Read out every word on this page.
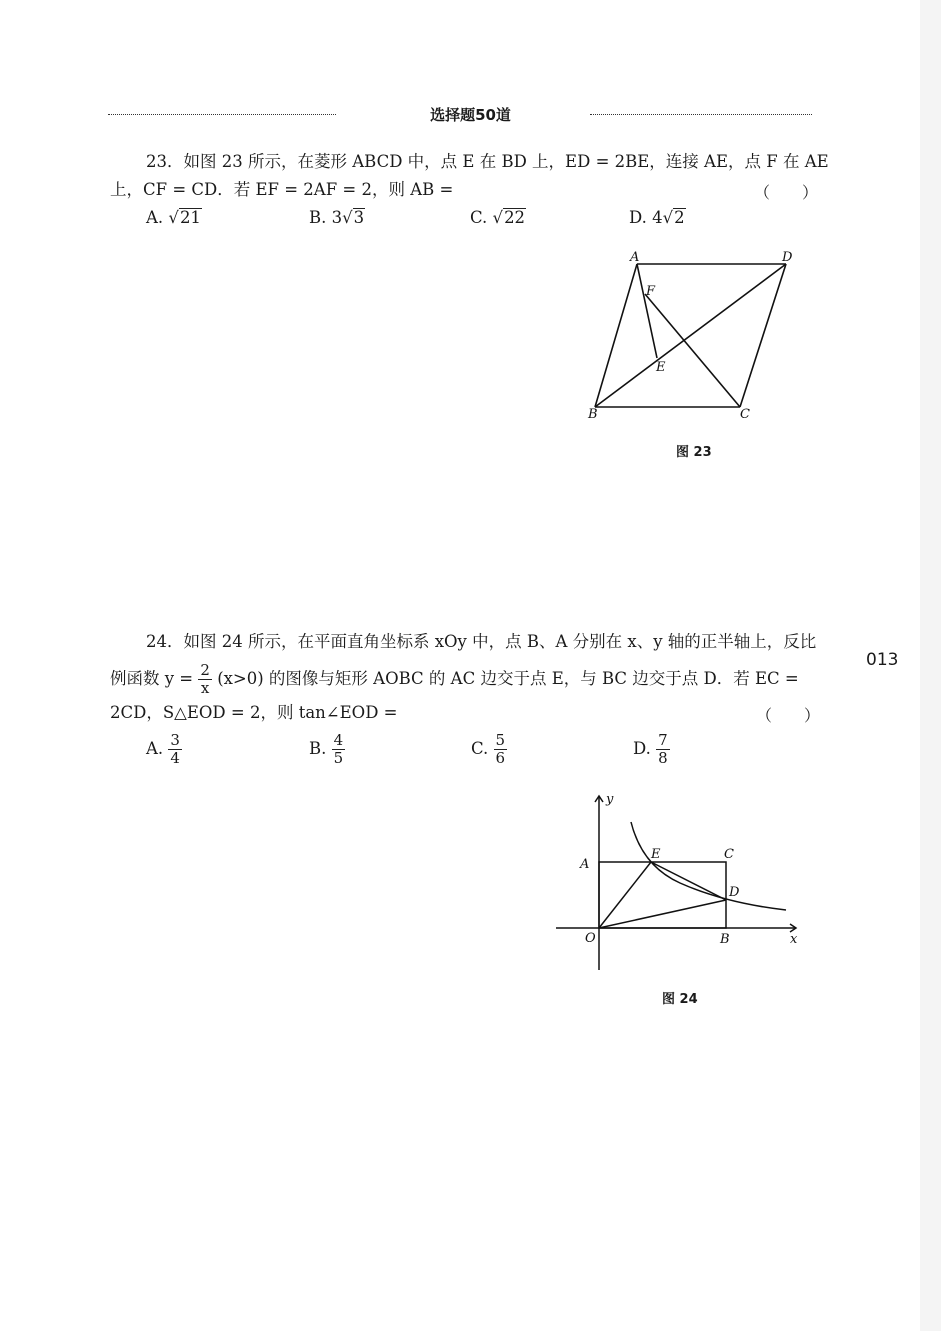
选择题50道
23．如图 23 所示，在菱形 ABCD 中，点 E 在 BD 上，ED = 2BE，连接 AE，点 F 在 AE
上，CF = CD．若 EF = 2AF = 2，则 AB =	（　　）
A. √21	B. 3√3	C. √22	D. 4√2
A	D
B	C
F
E
图 23
013
24．如图 24 所示，在平面直角坐标系 xOy 中，点 B、A 分别在 x、y 轴的正半轴上，反比
例函数 $y = \frac{2}{x} (x>0)$ 的图像与矩形 AOBC 的 AC 边交于点 E，与 BC 边交于点 D．若 EC =
2CD，S△EOD = 2，则 tan∠EOD =	（　　）
A. $\frac{3}{4}$	B. $\frac{4}{5}$	C. $\frac{5}{6}$	D. $\frac{7}{8}$
y
x
A
E	C
D
O	B
图 24
